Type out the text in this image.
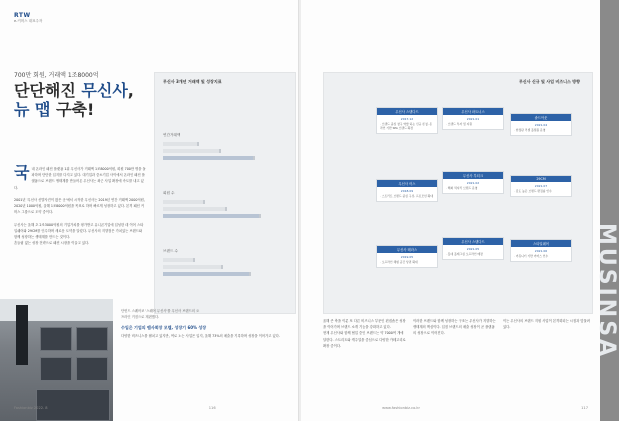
RTW
e-커머스 대표주자
700만 회원, 거래액 1조8000억
단단해진 무신사,
뉴 맵 구축!
국 내 온라인 패션 플랫폼 1위 무신사가 거래액 1조8000억원, 회원 700만 명을 돌파하며 단단한 입지를 다지고 있다. 대기업과 중소기업 사이에서 온라인 패션 플랫폼으로 브랜드 생태계를 만들어온 무신사는 최근 사업 확장에 속도를 내고 있다.

2001년 '무신사 신발사진이 많은 곳'에서 시작한 무신사는 2019년 연간 거래액 2000억원, 2020년 1000억원, 올해 1조8000억원을 목표로 하며 빠르게 성장하고 있다. 본격 패션 커머스 그룹으로 도약 중이다.

무신사는 올해 초 2조3000억원의 기업가치를 평가받고 유니콘기업에 입성한 데 이어 스타일쉐어와 29CM를 인수하며 새로운 도약을 알렸다. 무신사의 지향점은 가치있는 브랜드와 함께 성장하는 생태계를 만드는 것이다.
흔들림 없는 성장 전략으로 패션 시장을 이끌고 있다.
무신사 3개년 거래액 및 성장지표
연간거래액
회원 수
브랜드 수
단헌드 스퀘어코 '스퀘어 무신사'를 무신사 브랜드의 오프라인 거점으로 재편했다.
수입은 기업의 뱀사회장 모델, 성장기 60% 성장
다양한 비즈니스를 펼치고 있지만, 여로 노는 사업은 입지, 올해 73%의 매출을 기록하며 성장을 이어가고 있다.
Fashionbiz 2022. 8	116
무신사 신규 및 사업 비즈니스 방향
MUSINSA
무신사 스탠다드
2017.12
· 브랜드 중심 창구 역할 하는 신규 론칭, 온라인 기반 SPA 브랜드 확장
무신사 어스
2018.09
· 스트리트 브랜드 중심 구성, 프로모션 확대
무신사 테라스
2019.05
· 오프라인 체험 공간 상권 확대
무신사 파트너스
2021.01
· 브랜드 투자 및 지원
무신사 부티크
2021.02
· 해외 럭셔리 브랜드 운영
무신사 스탠다드
2021.05
· 홍대 플래그십 오프라인 매장
솔드아웃
2021.04
· 한정판 리셀 플랫폼 운영
29CM
2021.07
· 감도 높은 브랜드 편집숍 인수
스타일쉐어
2021.06
· 커뮤니티 기반 커머스 인수
올해 큰 축을 이룬 또 다른 비즈니스 부문인 편집숍은 성장을 이어가며 브랜드 소개 기능을 강화하고 있다.
현재 무신사와 함께 협업 중인 브랜드는 약 7000여 개에 달한다. 스트리트와 캐주얼을 중심으로 다양한 카테고리로 확장 중이다.
이러한 브랜드와 함께 성장하는 구조는 무신사가 지향하는 생태계의 핵심이다. 입점 브랜드의 매출 성장이 곧 플랫폼의 성장으로 이어진다.
이는 무신사의 브랜드 지원 사업이 본격화되는 시점과 맞물려 있다.
www.fashionbiz.co.kr	117
